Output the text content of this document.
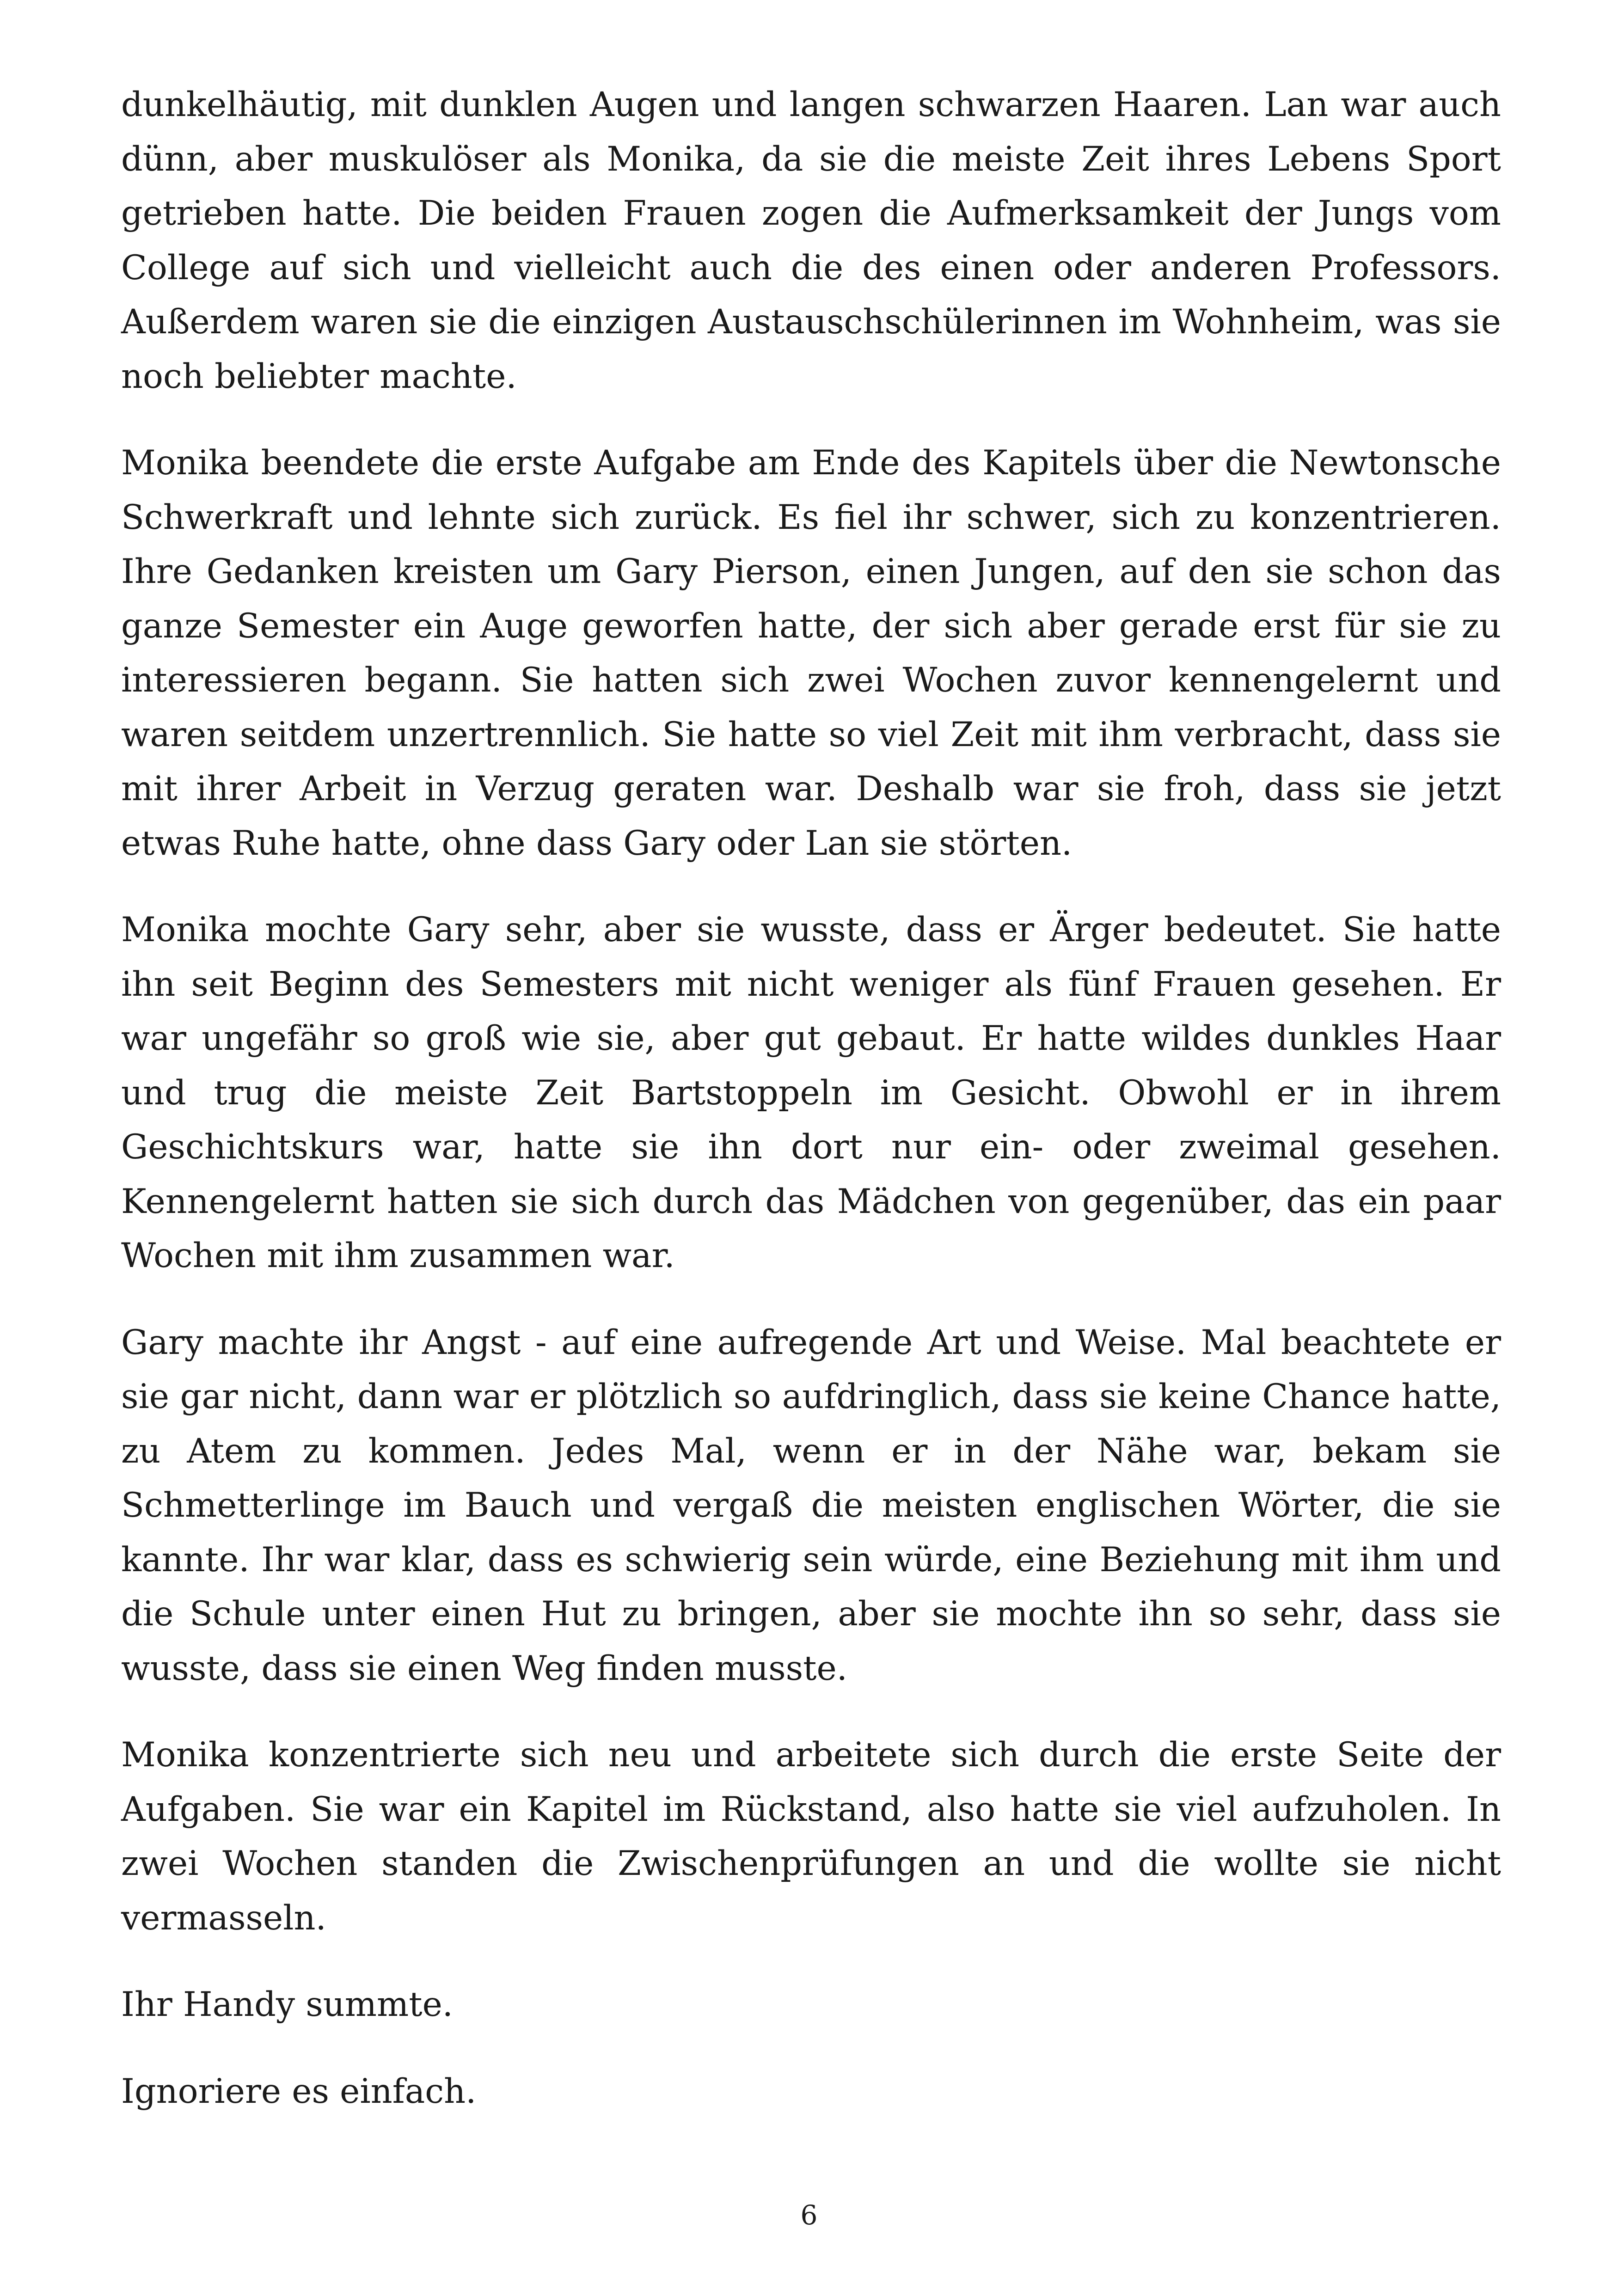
dunkelhäutig, mit dunklen Augen und langen schwarzen Haaren. Lan war auch dünn, aber muskulöser als Monika, da sie die meiste Zeit ihres Lebens Sport getrieben hatte. Die beiden Frauen zogen die Aufmerksamkeit der Jungs vom College auf sich und vielleicht auch die des einen oder anderen Professors. Außerdem waren sie die einzigen Austauschschülerinnen im Wohnheim, was sie noch beliebter machte.

Monika beendete die erste Aufgabe am Ende des Kapitels über die Newtonsche Schwerkraft und lehnte sich zurück. Es fiel ihr schwer, sich zu konzentrieren. Ihre Gedanken kreisten um Gary Pierson, einen Jungen, auf den sie schon das ganze Semester ein Auge geworfen hatte, der sich aber gerade erst für sie zu interessieren begann. Sie hatten sich zwei Wochen zuvor kennengelernt und waren seitdem unzertrennlich. Sie hatte so viel Zeit mit ihm verbracht, dass sie mit ihrer Arbeit in Verzug geraten war. Deshalb war sie froh, dass sie jetzt etwas Ruhe hatte, ohne dass Gary oder Lan sie störten.

Monika mochte Gary sehr, aber sie wusste, dass er Ärger bedeutet. Sie hatte ihn seit Beginn des Semesters mit nicht weniger als fünf Frauen gesehen. Er war ungefähr so groß wie sie, aber gut gebaut. Er hatte wildes dunkles Haar und trug die meiste Zeit Bartstoppeln im Gesicht. Obwohl er in ihrem Geschichtskurs war, hatte sie ihn dort nur ein- oder zweimal gesehen. Kennengelernt hatten sie sich durch das Mädchen von gegenüber, das ein paar Wochen mit ihm zusammen war.

Gary machte ihr Angst - auf eine aufregende Art und Weise. Mal beachtete er sie gar nicht, dann war er plötzlich so aufdringlich, dass sie keine Chance hatte, zu Atem zu kommen. Jedes Mal, wenn er in der Nähe war, bekam sie Schmetterlinge im Bauch und vergaß die meisten englischen Wörter, die sie kannte. Ihr war klar, dass es schwierig sein würde, eine Beziehung mit ihm und die Schule unter einen Hut zu bringen, aber sie mochte ihn so sehr, dass sie wusste, dass sie einen Weg finden musste.

Monika konzentrierte sich neu und arbeitete sich durch die erste Seite der Aufgaben. Sie war ein Kapitel im Rückstand, also hatte sie viel aufzuholen. In zwei Wochen standen die Zwischenprüfungen an und die wollte sie nicht vermasseln.

Ihr Handy summte.

Ignoriere es einfach.

6
